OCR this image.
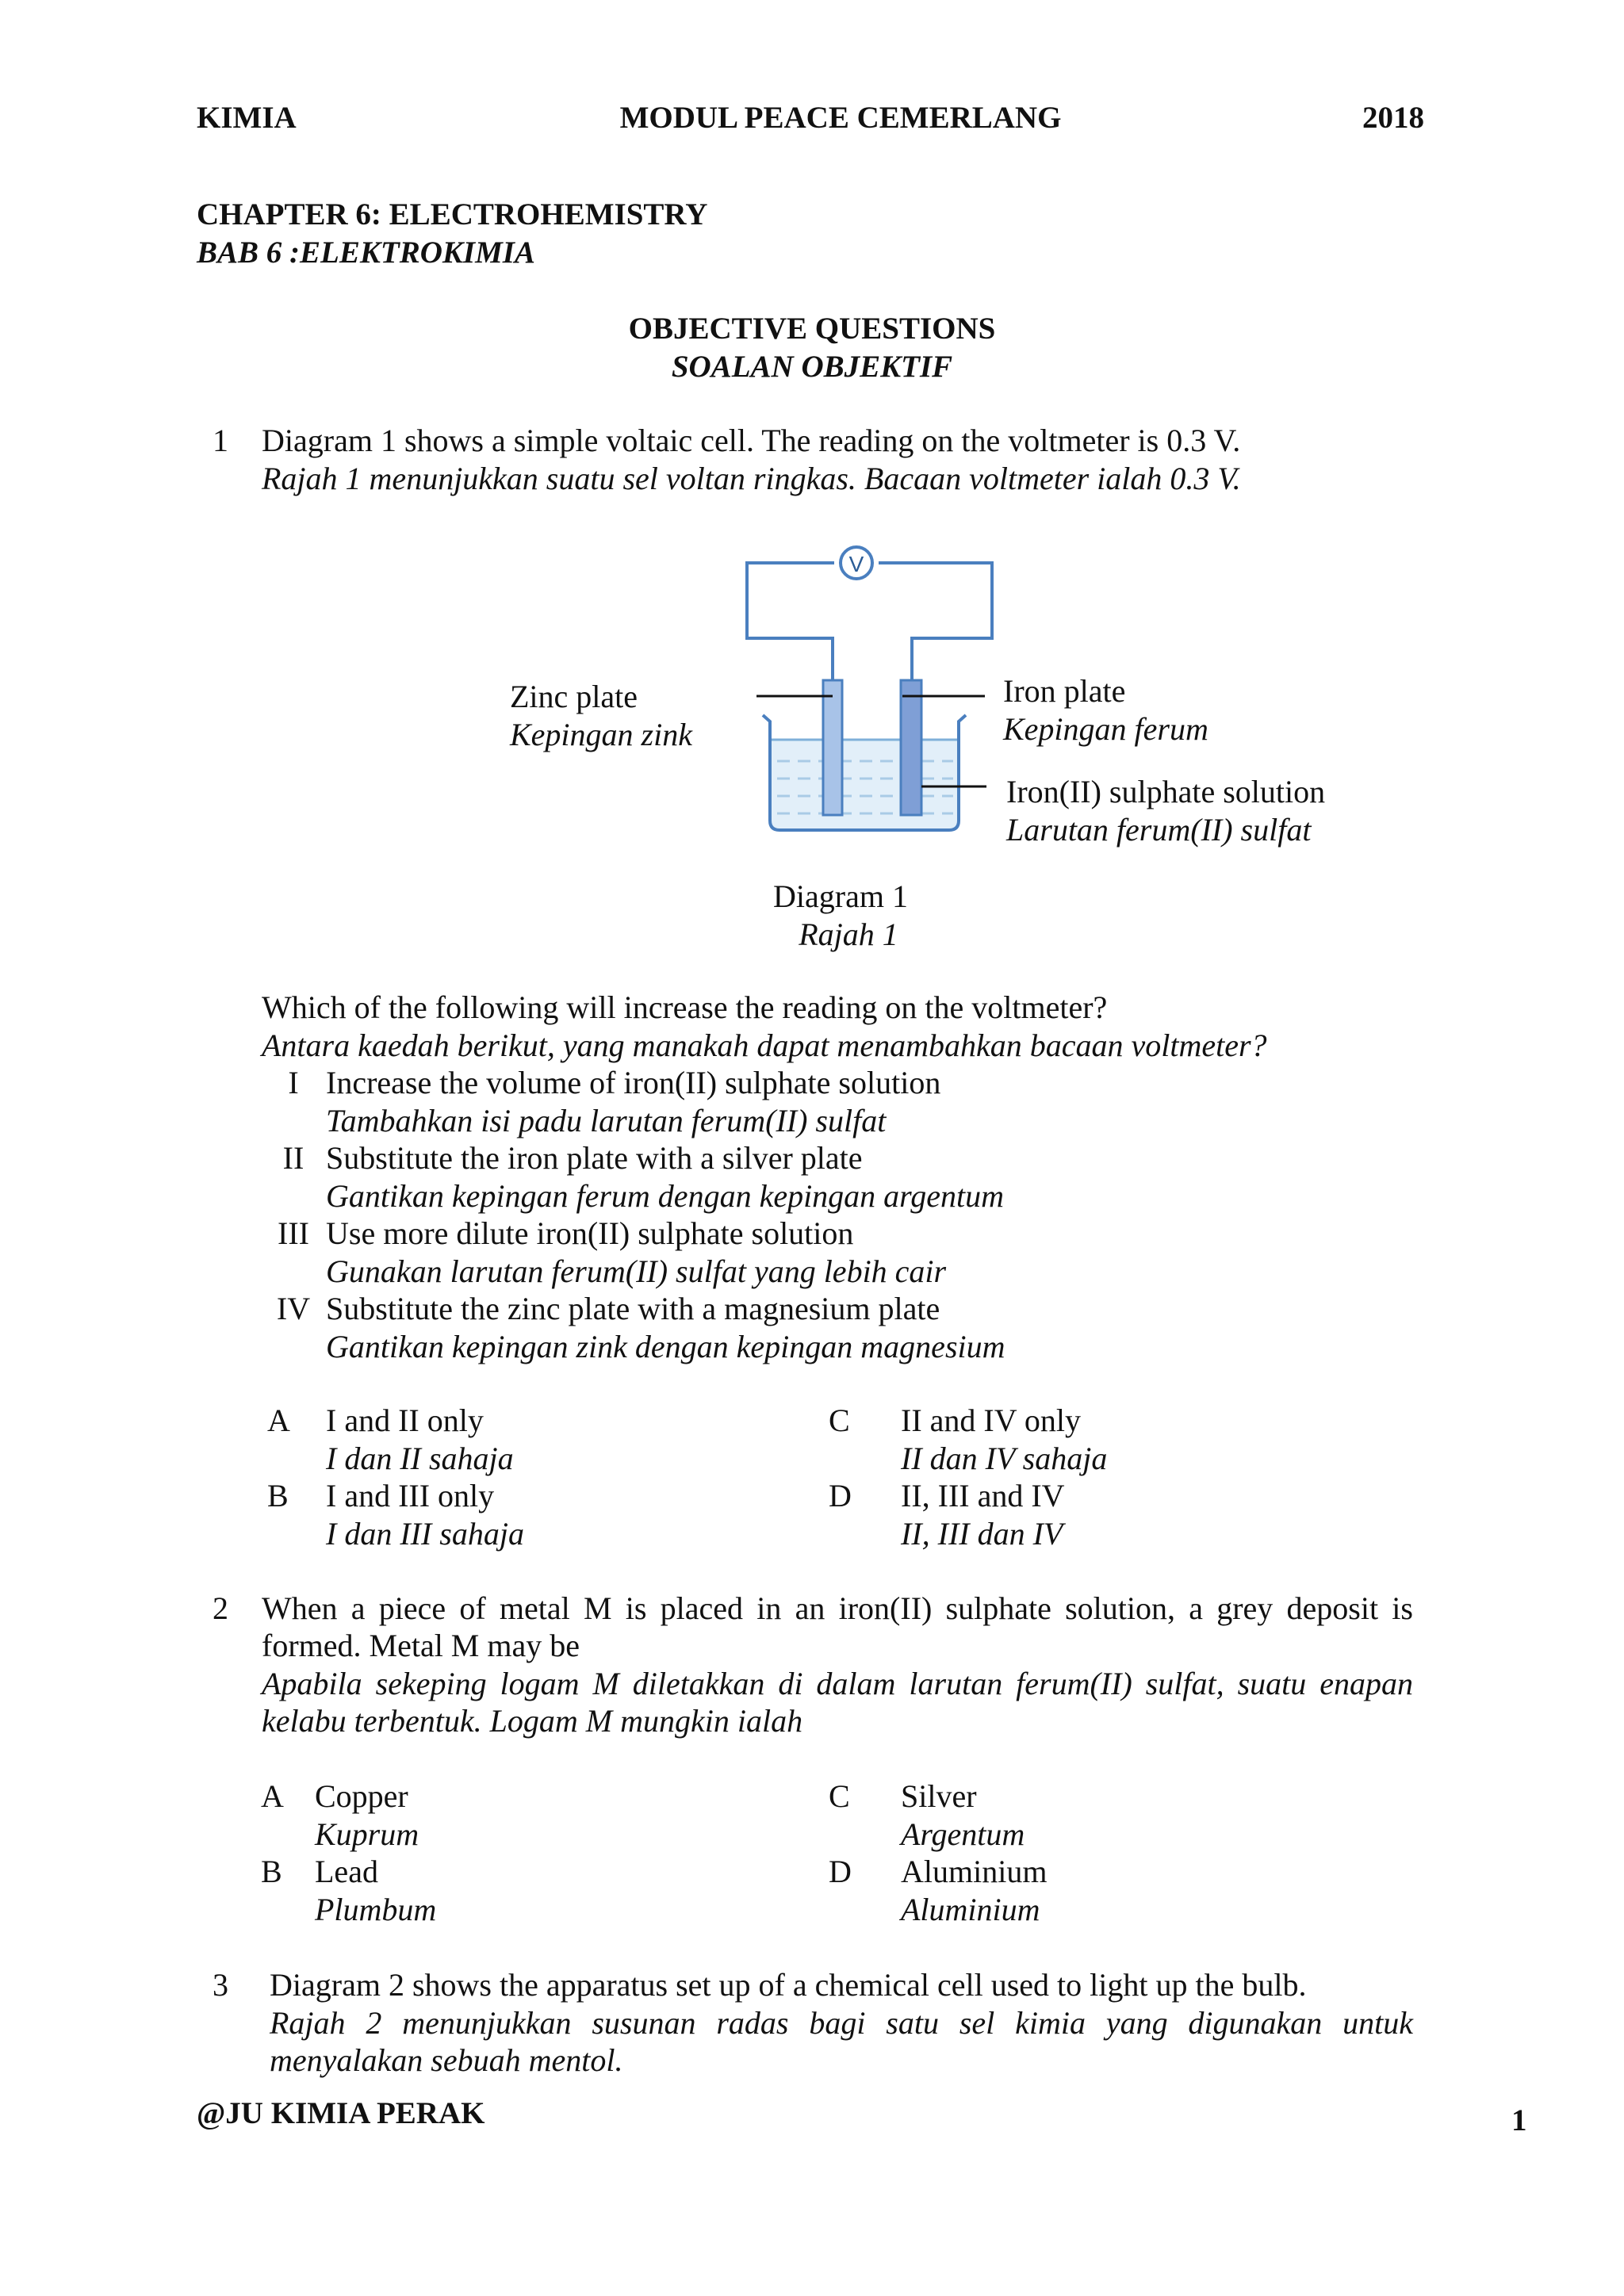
KIMIA	MODUL PEACE CEMERLANG	2018
CHAPTER 6: ELECTROHEMISTRY
BAB 6 :ELEKTROKIMIA
OBJECTIVE QUESTIONS
SOALAN OBJEKTIF
1 Diagram 1 shows a simple voltaic cell. The reading on the voltmeter is 0.3 V.
Rajah 1 menunjukkan suatu sel voltan ringkas. Bacaan voltmeter ialah 0.3 V.
V
Zinc plate
Kepingan zink
Iron plate
Kepingan ferum
Iron(II) sulphate solution
Larutan ferum(II) sulfat
Diagram 1
Rajah 1
Which of the following will increase the reading on the voltmeter?
Antara kaedah berikut, yang manakah dapat menambahkan bacaan voltmeter?
I Increase the volume of iron(II) sulphate solution
Tambahkan isi padu larutan ferum(II) sulfat
II Substitute the iron plate with a silver plate
Gantikan kepingan ferum dengan kepingan argentum
III Use more dilute iron(II) sulphate solution
Gunakan larutan ferum(II) sulfat yang lebih cair
IV Substitute the zinc plate with a magnesium plate
Gantikan kepingan zink dengan kepingan magnesium
A I and II only
I dan II sahaja
B I and III only
I dan III sahaja
C II and IV only
II dan IV sahaja
D II, III and IV
II, III dan IV
2 When a piece of metal M is placed in an iron(II) sulphate solution, a grey deposit is formed. Metal M may be
Apabila sekeping logam M diletakkan di dalam larutan ferum(II) sulfat, suatu enapan kelabu terbentuk. Logam M mungkin ialah
A Copper
Kuprum
B Lead
Plumbum
C Silver
Argentum
D Aluminium
Aluminium
3 Diagram 2 shows the apparatus set up of a chemical cell used to light up the bulb.
Rajah 2 menunjukkan susunan radas bagi satu sel kimia yang digunakan untuk menyalakan sebuah mentol.
@JU KIMIA PERAK	1
